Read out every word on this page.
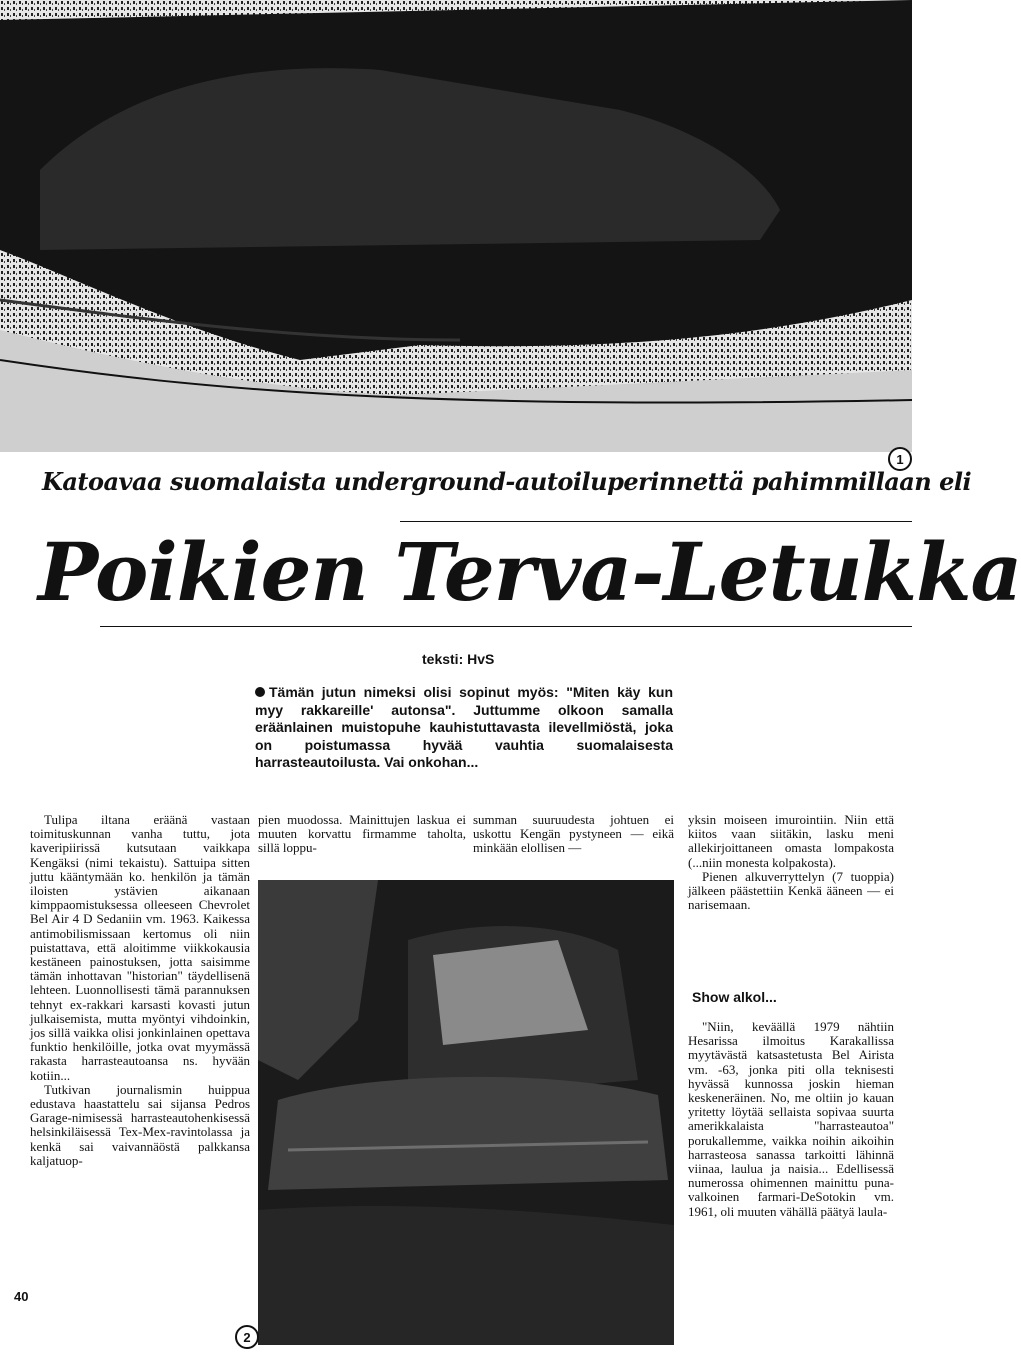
1
Katoavaa suomalaista underground-autoiluperinnettä pahimmillaan eli
Poikien Terva-Letukka
teksti: HvS
Tämän jutun nimeksi olisi sopinut myös: "Miten käy kun myy rakkareille' autonsa". Juttumme olkoon samalla eräänlainen muistopuhe kauhistuttavasta ilevellmiöstä, joka on poistumassa hyvää vauhtia suomalaisesta harrasteautoilusta. Vai onkohan...

Tulipa iltana eräänä vastaan toimituskunnan vanha tuttu, jota kaveripiirissä kutsutaan vaikkapa Kengäksi (nimi tekaistu). Sattuipa sitten juttu kääntymään ko. henkilön ja tämän iloisten ystävien aikanaan kimppaomistuksessa olleeseen Chevrolet Bel Air 4 D Sedaniin vm. 1963. Kaikessa antimobilismissaan kertomus oli niin puistattava, että aloitimme viikkokausia kestäneen painostuksen, jotta saisimme tämän inhottavan "historian" täydellisenä lehteen. Luonnollisesti tämä parannuksen tehnyt ex-rakkari karsasti kovasti jutun julkaisemista, mutta myöntyi vihdoinkin, jos sillä vaikka olisi jonkinlainen opettava funktio henkilöille, jotka ovat myymässä rakasta harrasteautoansa ns. hyvään kotiin...

Tutkivan journalismin huippua edustava haastattelu sai sijansa Pedros Garage-nimisessä harrasteautohenkisessä helsinkiläisessä Tex-Mex-ravintolassa ja kenkä sai vaivannäöstä palkkansa kaljatuop-

pien muodossa. Mainittujen laskua ei muuten korvattu firmamme taholta, sillä loppu-

summan suuruudesta johtuen ei uskottu Kengän pystyneen — eikä minkään elollisen —

yksin moiseen imurointiin. Niin että kiitos vaan siitäkin, lasku meni allekirjoittaneen omasta lompakosta (...niin monesta kolpakosta).

Pienen alkuverryttelyn (7 tuoppia) jälkeen päästettiin Kenkä ääneen — ei narisemaan.

Show alkol...

"Niin, keväällä 1979 nähtiin Hesarissa ilmoitus Karakallissa myytävästä katsastetusta Bel Airista vm. -63, jonka piti olla teknisesti hyvässä kunnossa joskin hieman keskeneräinen. No, me oltiin jo kauan yritetty löytää sellaista sopivaa suurta amerikkalaista "harrasteautoa" porukallemme, vaikka noihin aikoihin harrasteosa sanassa tarkoitti lähinnä viinaa, laulua ja naisia... Edellisessä numerossa ohimennen mainittu puna-valkoinen farmari-DeSotokin vm. 1961, oli muuten vähällä päätyä laula-

2
40
